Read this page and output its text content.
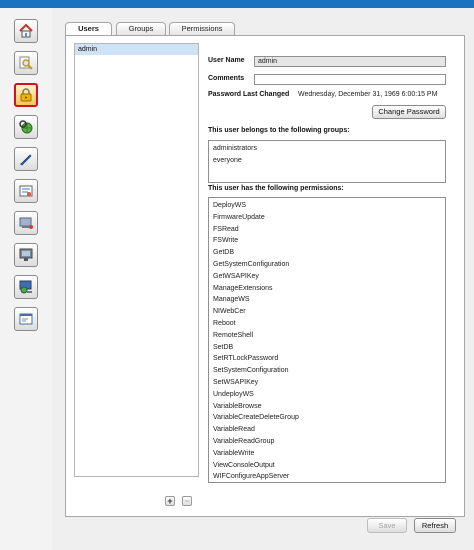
Users	Groups	Permissions
admin
+ −
User Name	admin
Comments
Password Last Changed Wednesday, December 31, 1969 6:00:15 PM
Change Password
This user belongs to the following groups:
administrators
everyone
This user has the following permissions:
DeployWS
FirmwareUpdate
FSRead
FSWrite
GetDB
GetSystemConfiguration
GetWSAPIKey
ManageExtensions
ManageWS
NIWebCer
Reboot
RemoteShell
SetDB
SetRTLockPassword
SetSystemConfiguration
SetWSAPIKey
UndeployWS
VariableBrowse
VariableCreateDeleteGroup
VariableRead
VariableReadGroup
VariableWrite
ViewConsoleOutput
WIFConfigureAppServer
Save	Refresh
